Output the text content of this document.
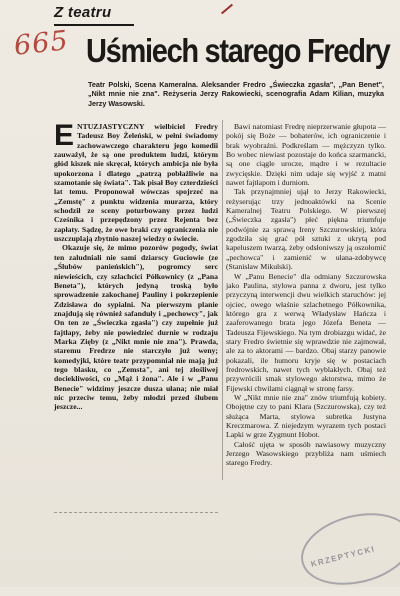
Z teatru
665 Uśmiech starego Fredry
Teatr Polski, Scena Kameralna. Aleksander Fredro „Świeczka zgasła", „Pan Benet", „Nikt mnie nie zna". Reżyseria Jerzy Rakowiecki, scenografia Adam Kilian, muzyka Jerzy Wasowski.

ENTUZJASTYCZNY wielbiciel Fredry Tadeusz Boy Żeleński, w pełni świadomy zachowawczego charakteru jego komedii zauważył, że są one produktem ludzi, którym głód kiszek nie skręcał, których ambicja nie była upokorzona i dlatego „patrzą pobłażliwie na szamotanie się świata". Tak pisał Boy czterdzieści lat temu. Proponował wówczas spojrzeć na „Zemstę" z punktu widzenia murarza, który schodził ze sceny poturbowany przez ludzi Cześnika i przepędzony przez Rejenta bez zapłaty. Sądzę, że owe braki czy ograniczenia nie uszczuplają zbytnio naszej wiedzy o świecie.

Okazuje się, że mimo pozorów pogody, świat ten zaludniali nie sami dziarscy Guciowie (ze „Ślubów panieńskich"), pogromcy serc niewieścich, czy szlachcici Półkownicy (z „Pana Beneta"), których jedyną troską było sprowadzenie zakochanej Pauliny i pokrzepienie Zdzisława do sypialni. Na pierwszym planie znajdują się również safanduły i „pechowcy", jak On ten ze „Świeczka zgasła") czy zupełnie już fajtłapy, żeby nie powiedzieć durnie w rodzaju Marka Zięby (z „Nikt mnie nie zna"). Prawda, staremu Fredrze nie starczyło już weny; komedyjki, które teatr przypomniał nie mają już tego blasku, co „Zemsta", ani tej złośliwej dociekliwości, co „Mąż i żona". Ale i w „Panu Benecie" widzimy jeszcze dusza ułana; nie miał nic przeciw temu, żeby młodzi przed ślubem jeszcze...

Bawi natomiast Fredrę nieprzerwanie głupota — pokój się Boże — bohaterów, ich ograniczenie i brak wyobraźni. Podkreślam — mężczyzn tylko. Bo wobec niewiast pozostaje do końca szarmancki, są one ciągle urocze, mądre i w rezultacie zwycięskie. Dzięki nim udaje się wyjść z matni nawet fajtłapom i durniom.

Tak przynajmniej ujął to Jerzy Rakowiecki, reżyserując trzy jednoaktówki na Scenie Kameralnej Teatru Polskiego. W pierwszej („Świeczka zgasła") płeć piękna triumfuje podwójnie za sprawą Ireny Szczurowskiej, która zgodziła się grać pół sztuki z ukrytą pod kapeluszem twarzą, żeby odsłoniwszy ją oszołomić „pechowca" i zamienić w ułana-zdobywcę (Stanisław Mikulski).

W „Panu Benecie" dla odmiany Szczurowska jako Paulina, stylowa panna z dworu, jest tylko przyczyną interwencji dwu wielkich staruchów: jej ojciec, owego właśnie szlachetnego Półkownika, którego gra z werwą Władysław Hańcza i zaaferowanego brata jego Józefa Beneta — Tadeusza Fijewskiego. Na tym drobiazgu widać, że stary Fredro świetnie się wprawdzie nie zajmował, ale za to aktorami — bardzo. Obaj starzy panowie pokazali, ile humoru kryje się w postaciach fredrowskich, nawet tych wyblakłych. Obaj też przywrócili smak stylowego aktorstwa, mimo że Fijewski chwilami ciągnął w stronę farsy.

W „Nikt mnie nie zna" znów triumfują kobiety. Obojętne czy to pani Klara (Szczurowska), czy też służąca Marta, stylowa subretka Justyna Kreczmarowa. Z niejedzym wyrazem tych postaci Lapki w grze Zygmunt Hobot.

Całość ujęta w sposób nawiasowy muzyczny Jerzego Wasowskiego przybliża nam uśmiech starego Fredry.

KRZEPTYCKI
